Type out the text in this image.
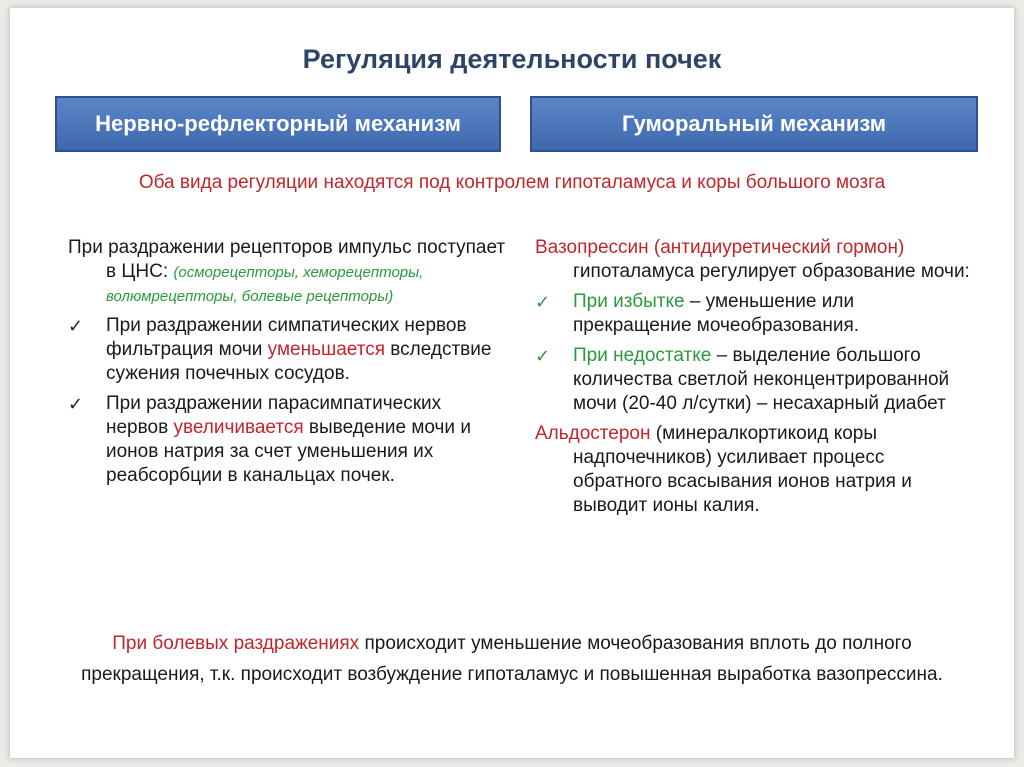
Регуляция деятельности почек
Нервно-рефлекторный механизм	Гуморальный механизм
Оба вида регуляции находятся под контролем гипоталамуса и коры большого мозга

При раздражении рецепторов импульс поступает в ЦНС: (осморецепторы, хеморецепторы, волюмрецепторы, болевые рецепторы)

✓	При раздражении симпатических нервов фильтрация мочи уменьшается вследствие сужения почечных сосудов.
✓	При раздражении парасимпатических нервов увеличивается выведение мочи и ионов натрия за счет уменьшения их реабсорбции в канальцах почек.

Вазопрессин (антидиуретический гормон) гипоталамуса регулирует образование мочи:

✓	При избытке – уменьшение или прекращение мочеобразования.
✓	При недостатке – выделение большого количества светлой неконцентрированной мочи (20-40 л/сутки) – несахарный диабет

Альдостерон (минералкортикоид коры надпочечников) усиливает процесс обратного всасывания ионов натрия и выводит ионы калия.

При болевых раздражениях происходит уменьшение мочеобразования вплоть до полного прекращения, т.к. происходит возбуждение гипоталамус и повышенная выработка вазопрессина.
